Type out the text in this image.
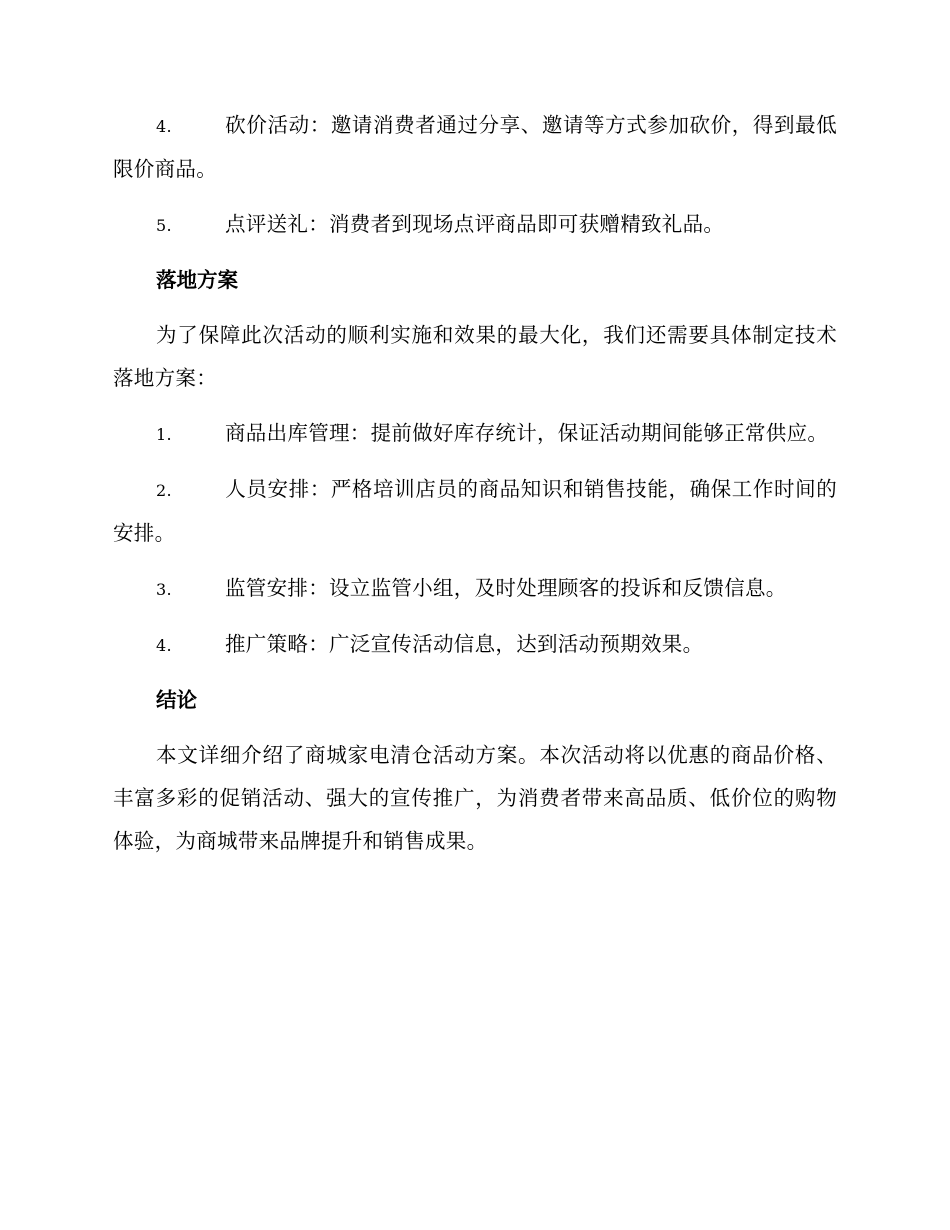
4.	砍价活动：邀请消费者通过分享、邀请等方式参加砍价，得到最低限价商品。

5.	点评送礼：消费者到现场点评商品即可获赠精致礼品。

落地方案

为了保障此次活动的顺利实施和效果的最大化，我们还需要具体制定技术落地方案：

1.	商品出库管理：提前做好库存统计，保证活动期间能够正常供应。

2.	人员安排：严格培训店员的商品知识和销售技能，确保工作时间的安排。

3.	监管安排：设立监管小组，及时处理顾客的投诉和反馈信息。

4.	推广策略：广泛宣传活动信息，达到活动预期效果。

结论

本文详细介绍了商城家电清仓活动方案。本次活动将以优惠的商品价格、丰富多彩的促销活动、强大的宣传推广，为消费者带来高品质、低价位的购物体验，为商城带来品牌提升和销售成果。
